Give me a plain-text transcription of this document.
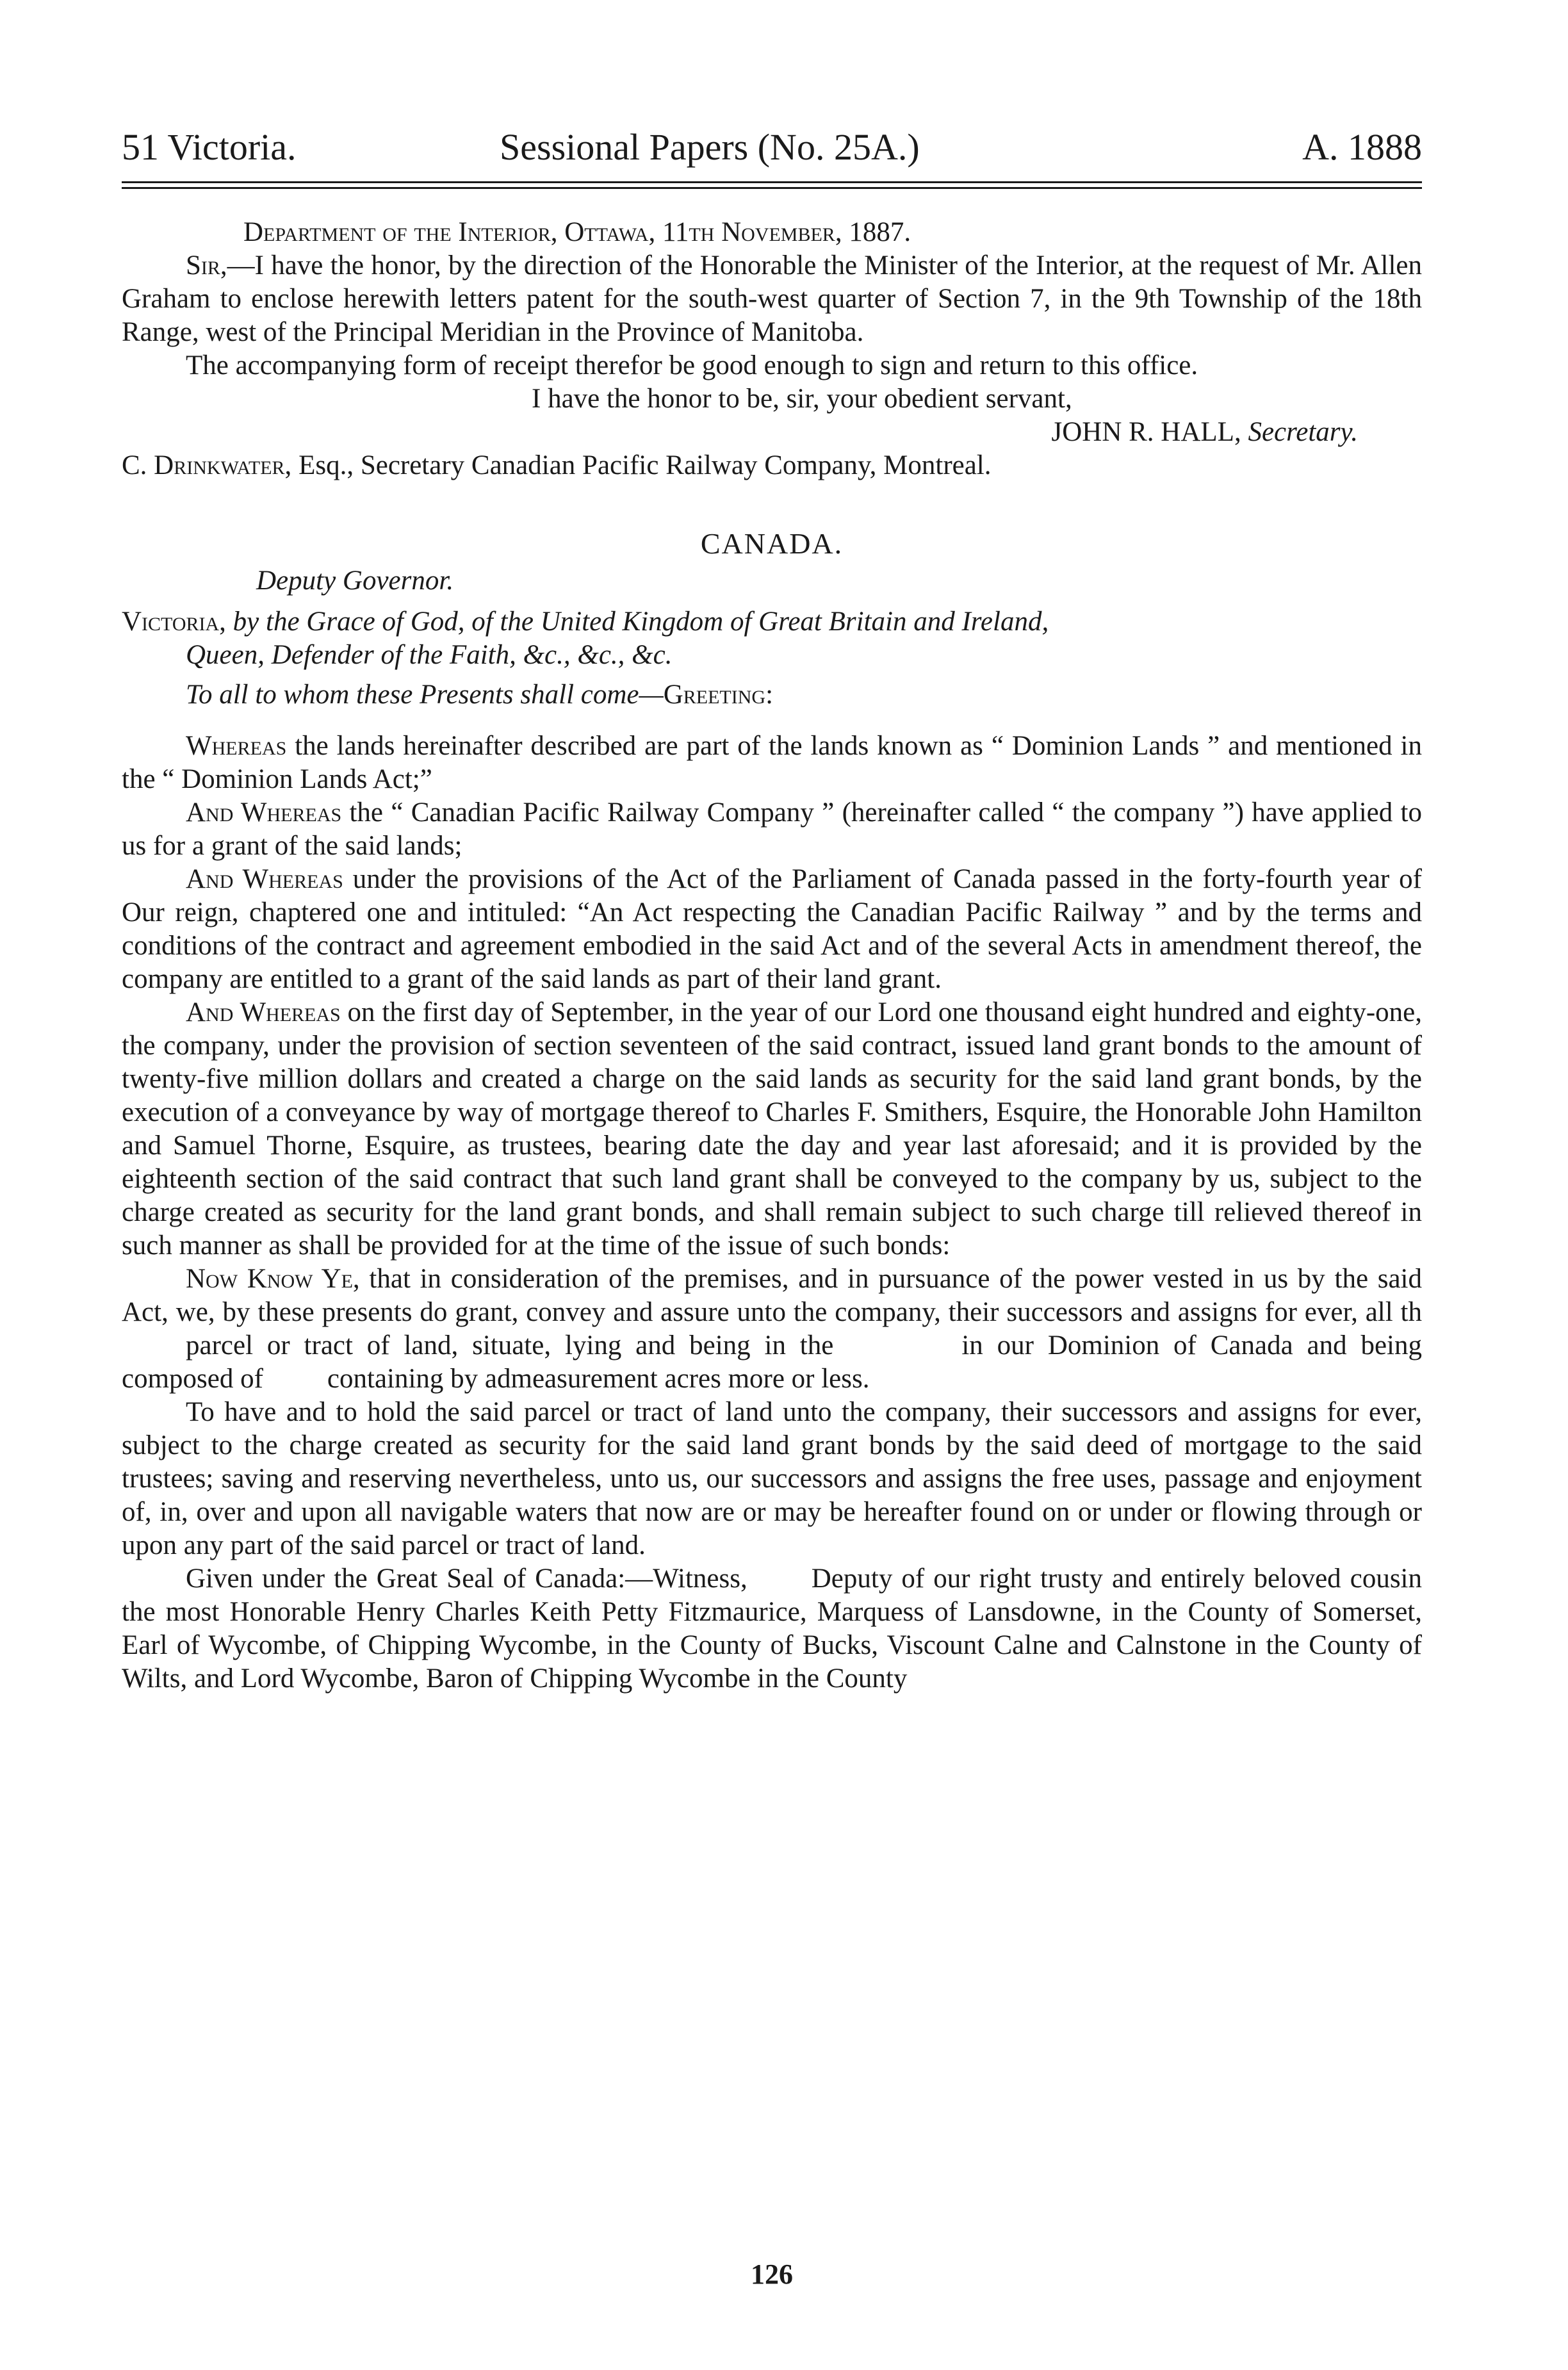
51 Victoria.	Sessional Papers (No. 25A.)	A. 1888

Department of the Interior, Ottawa, 11th November, 1887.

Sir,—I have the honor, by the direction of the Honorable the Minister of the Interior, at the request of Mr. Allen Graham to enclose herewith letters patent for the south-west quarter of Section 7, in the 9th Township of the 18th Range, west of the Principal Meridian in the Province of Manitoba.

The accompanying form of receipt therefor be good enough to sign and return to this office.

I have the honor to be, sir, your obedient servant,

JOHN R. HALL, Secretary.

C. Drinkwater, Esq., Secretary Canadian Pacific Railway Company, Montreal.

CANADA.

Deputy Governor.

Victoria, by the Grace of God, of the United Kingdom of Great Britain and Ireland,

Queen, Defender of the Faith, &c., &c., &c.

To all to whom these Presents shall come—Greeting:

Whereas the lands hereinafter described are part of the lands known as “ Dominion Lands ” and mentioned in the “ Dominion Lands Act;”

And Whereas the “ Canadian Pacific Railway Company ” (hereinafter called “ the company ”) have applied to us for a grant of the said lands;

And Whereas under the provisions of the Act of the Parliament of Canada passed in the forty-fourth year of Our reign, chaptered one and intituled: “An Act respecting the Canadian Pacific Railway ” and by the terms and conditions of the contract and agreement embodied in the said Act and of the several Acts in amendment thereof, the company are entitled to a grant of the said lands as part of their land grant.

And Whereas on the first day of September, in the year of our Lord one thousand eight hundred and eighty-one, the company, under the provision of section seventeen of the said contract, issued land grant bonds to the amount of twenty-five million dollars and created a charge on the said lands as security for the said land grant bonds, by the execution of a conveyance by way of mortgage thereof to Charles F. Smithers, Esquire, the Honorable John Hamilton and Samuel Thorne, Esquire, as trustees, bearing date the day and year last aforesaid; and it is provided by the eighteenth section of the said contract that such land grant shall be conveyed to the company by us, subject to the charge created as security for the land grant bonds, and shall remain subject to such charge till relieved thereof in such manner as shall be provided for at the time of the issue of such bonds:

Now Know Ye, that in consideration of the premises, and in pursuance of the power vested in us by the said Act, we, by these presents do grant, convey and assure unto the company, their successors and assigns for ever, all thparcel or tract of land, situate, lying and being in the	in our Dominion of Canada and being composed of containing by admeasurement acres more or less.

To have and to hold the said parcel or tract of land unto the company, their successors and assigns for ever, subject to the charge created as security for the said land grant bonds by the said deed of mortgage to the said trustees; saving and reserving nevertheless, unto us, our successors and assigns the free uses, passage and enjoyment of, in, over and upon all navigable waters that now are or may be hereafter found on or under or flowing through or upon any part of the said parcel or tract of land.

Given under the Great Seal of Canada:—Witness, Deputy of our right trusty and entirely beloved cousin the most Honorable Henry Charles Keith Petty Fitzmaurice, Marquess of Lansdowne, in the County of Somerset, Earl of Wycombe, of Chipping Wycombe, in the County of Bucks, Viscount Calne and Calnstone in the County of Wilts, and Lord Wycombe, Baron of Chipping Wycombe in the County

126
